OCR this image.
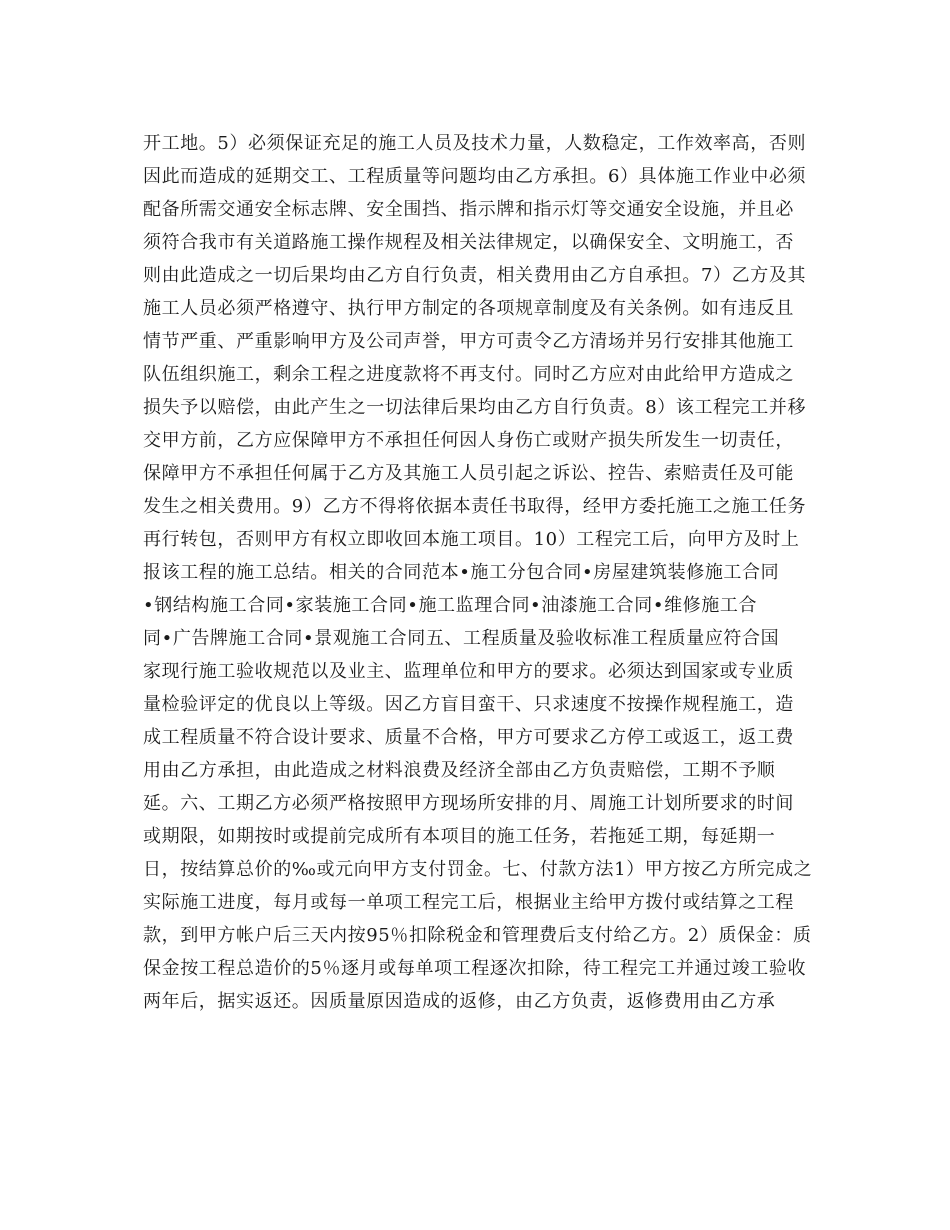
开工地。5）必须保证充足的施工人员及技术力量，人数稳定，工作效率高，否则
因此而造成的延期交工、工程质量等问题均由乙方承担。6）具体施工作业中必须
配备所需交通安全标志牌、安全围挡、指示牌和指示灯等交通安全设施，并且必
须符合我市有关道路施工操作规程及相关法律规定，以确保安全、文明施工，否
则由此造成之一切后果均由乙方自行负责，相关费用由乙方自承担。7）乙方及其
施工人员必须严格遵守、执行甲方制定的各项规章制度及有关条例。如有违反且
情节严重、严重影响甲方及公司声誉，甲方可责令乙方清场并另行安排其他施工
队伍组织施工，剩余工程之进度款将不再支付。同时乙方应对由此给甲方造成之
损失予以赔偿，由此产生之一切法律后果均由乙方自行负责。8）该工程完工并移
交甲方前，乙方应保障甲方不承担任何因人身伤亡或财产损失所发生一切责任，
保障甲方不承担任何属于乙方及其施工人员引起之诉讼、控告、索赔责任及可能
发生之相关费用。9）乙方不得将依据本责任书取得，经甲方委托施工之施工任务
再行转包，否则甲方有权立即收回本施工项目。10）工程完工后，向甲方及时上
报该工程的施工总结。相关的合同范本•施工分包合同•房屋建筑装修施工合同
•钢结构施工合同•家装施工合同•施工监理合同•油漆施工合同•维修施工合
同•广告牌施工合同•景观施工合同五、工程质量及验收标准工程质量应符合国
家现行施工验收规范以及业主、监理单位和甲方的要求。必须达到国家或专业质
量检验评定的优良以上等级。因乙方盲目蛮干、只求速度不按操作规程施工，造
成工程质量不符合设计要求、质量不合格，甲方可要求乙方停工或返工，返工费
用由乙方承担，由此造成之材料浪费及经济全部由乙方负责赔偿，工期不予顺
延。六、工期乙方必须严格按照甲方现场所安排的月、周施工计划所要求的时间
或期限，如期按时或提前完成所有本项目的施工任务，若拖延工期，每延期一
日，按结算总价的‰或元向甲方支付罚金。七、付款方法1）甲方按乙方所完成之
实际施工进度，每月或每一单项工程完工后，根据业主给甲方拨付或结算之工程
款，到甲方帐户后三天内按95％扣除税金和管理费后支付给乙方。2）质保金：质
保金按工程总造价的5％逐月或每单项工程逐次扣除，待工程完工并通过竣工验收
两年后，据实返还。因质量原因造成的返修，由乙方负责，返修费用由乙方承
